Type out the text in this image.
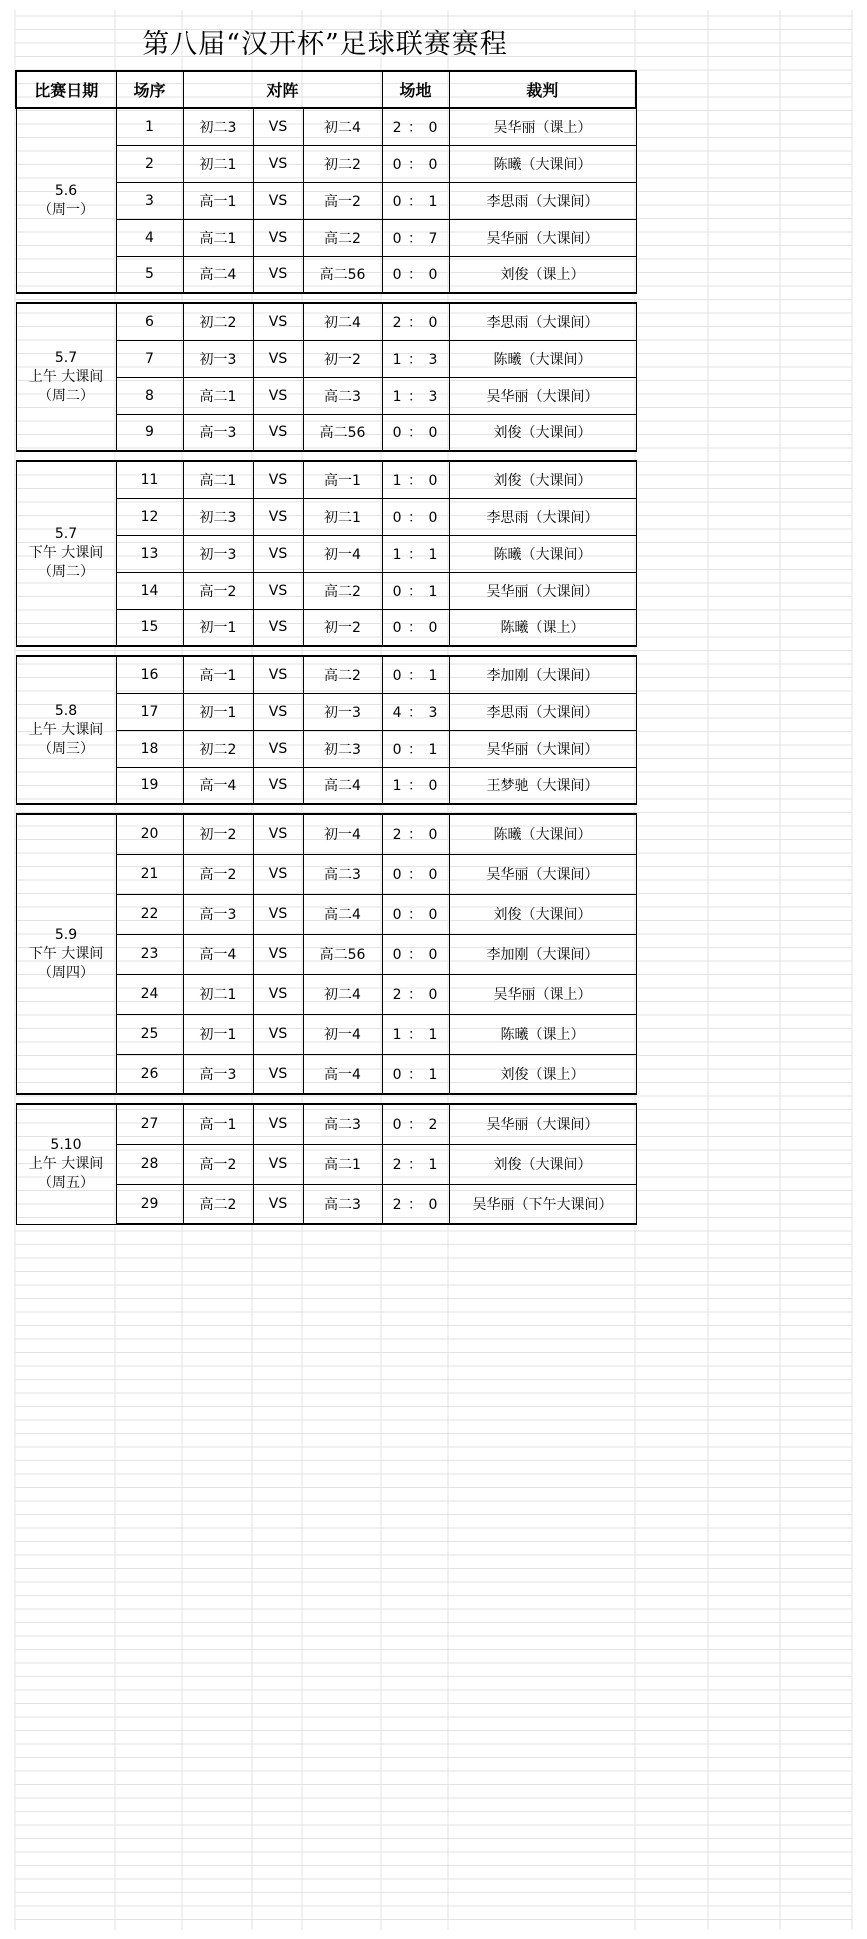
第八届“汉开杯”足球联赛赛程
比赛日期	场序	对阵			场地	裁判

5.6
（周一）	1	初二3	VS	初二4	2 ： 0	吴华丽（课上）
	2	初二1	VS	初二2	0 ： 0	陈曦（大课间）
	3	高一1	VS	高一2	0 ： 1	李思雨（大课间）
	4	高二1	VS	高二2	0 ： 7	吴华丽（大课间）
	5	高二4	VS	高二56	0 ： 0	刘俊（课上）

5.7
上午 大课间
（周二）	6	初二2	VS	初二4	2 ： 0	李思雨（大课间）
	7	初一3	VS	初一2	1 ： 3	陈曦（大课间）
	8	高二1	VS	高二3	1 ： 3	吴华丽（大课间）
	9	高一3	VS	高二56	0 ： 0	刘俊（大课间）

5.7
下午 大课间
（周二）	11	高二1	VS	高一1	1 ： 0	刘俊（大课间）
	12	初二3	VS	初二1	0 ： 0	李思雨（大课间）
	13	初一3	VS	初一4	1 ： 1	陈曦（大课间）
	14	高一2	VS	高二2	0 ： 1	吴华丽（大课间）
	15	初一1	VS	初一2	0 ： 0	陈曦（课上）

5.8
上午 大课间
（周三）	16	高一1	VS	高二2	0 ： 1	李加刚（大课间）
	17	初一1	VS	初一3	4 ： 3	李思雨（大课间）
	18	初二2	VS	初二3	0 ： 1	吴华丽（大课间）
	19	高一4	VS	高二4	1 ： 0	王梦驰（大课间）

5.9
下午 大课间
（周四）	20	初一2	VS	初一4	2 ： 0	陈曦（大课间）
	21	高一2	VS	高二3	0 ： 0	吴华丽（大课间）
	22	高一3	VS	高二4	0 ： 0	刘俊（大课间）
	23	高一4	VS	高二56	0 ： 0	李加刚（大课间）
	24	初二1	VS	初二4	2 ： 0	吴华丽（课上）
	25	初一1	VS	初一4	1 ： 1	陈曦（课上）
	26	高一3	VS	高一4	0 ： 1	刘俊（课上）

5.10
上午 大课间
（周五）	27	高一1	VS	高二3	0 ： 2	吴华丽（大课间）
	28	高一2	VS	高二1	2 ： 1	刘俊（大课间）
	29	高二2	VS	高二3	2 ： 0	吴华丽（下午大课间）
